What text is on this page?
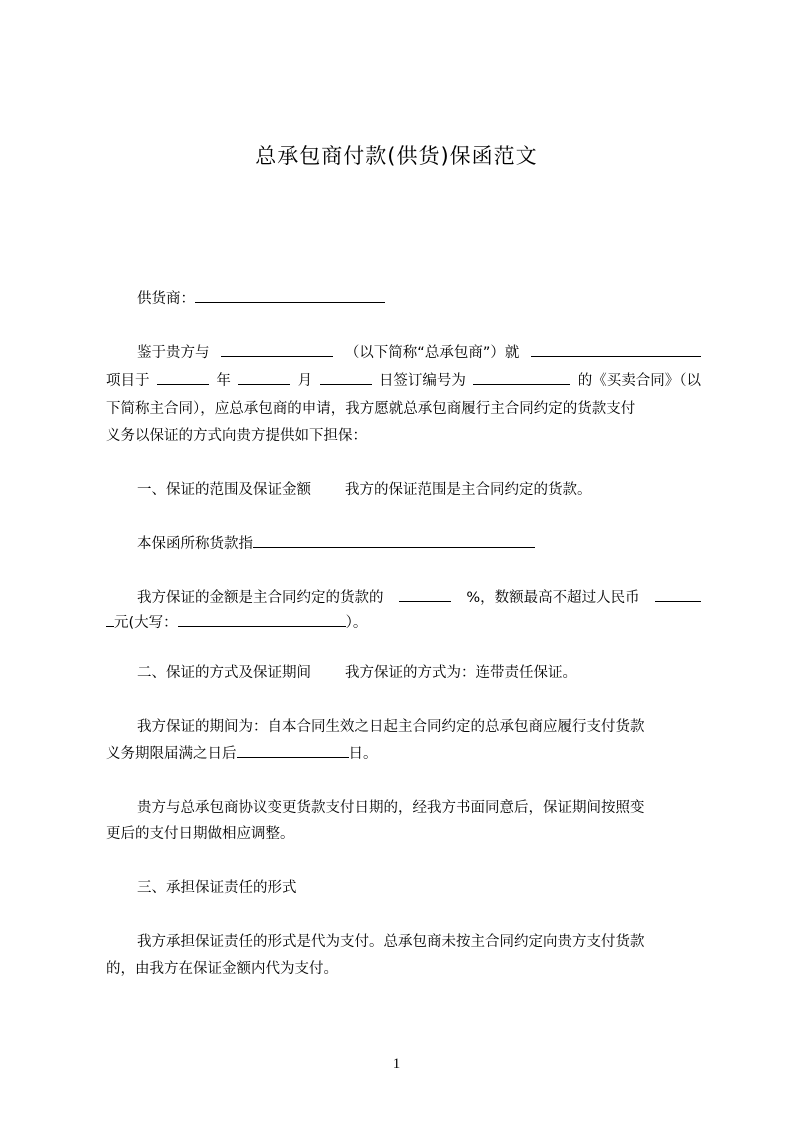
总承包商付款(供货)保函范文
供货商：
鉴于贵方与	（以下简称“总承包商”）就
项目于	年	月	日签订编号为	的《买卖合同》（以
下简称主合同），应总承包商的申请，我方愿就总承包商履行主合同约定的货款支付
义务以保证的方式向贵方提供如下担保：
一、保证的范围及保证金额 我方的保证范围是主合同约定的货款。
本保函所称货款指
我方保证的金额是主合同约定的货款的	%，数额最高不超过人民币
元(大写：	）。
二、保证的方式及保证期间 我方保证的方式为：连带责任保证。
我方保证的期间为：自本合同生效之日起主合同约定的总承包商应履行支付货款
义务期限届满之日后	日。
贵方与总承包商协议变更货款支付日期的，经我方书面同意后，保证期间按照变
更后的支付日期做相应调整。
三、承担保证责任的形式
我方承担保证责任的形式是代为支付。总承包商未按主合同约定向贵方支付货款
的，由我方在保证金额内代为支付。
1
